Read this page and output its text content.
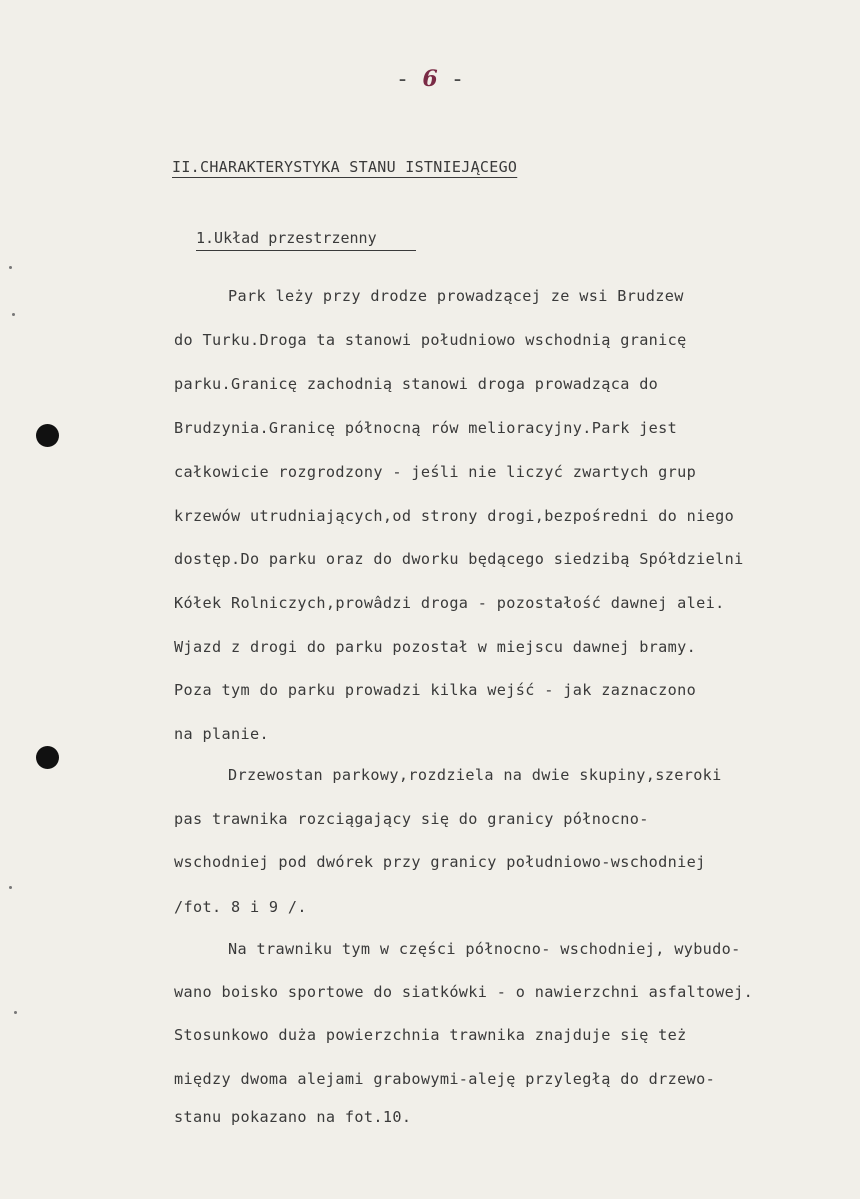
- 6 -
II.CHARAKTERYSTYKA STANU ISTNIEJĄCEGO
1.Układ przestrzenny
Park leży przy drodze prowadzącej ze wsi Brudzew
do Turku.Droga ta stanowi południowo wschodnią granicę
parku.Granicę zachodnią stanowi droga prowadząca do
Brudzynia.Granicę północną rów melioracyjny.Park jest
całkowicie rozgrodzony - jeśli nie liczyć zwartych grup
krzewów utrudniających,od strony drogi,bezpośredni do niego
dostęp.Do parku oraz do dworku będącego siedzibą Spółdzielni
Kółek Rolniczych,prowâdzi droga - pozostałość dawnej alei.
Wjazd z drogi do parku pozostał w miejscu dawnej bramy.
Poza tym do parku prowadzi kilka wejść - jak zaznaczono
na planie.
Drzewostan parkowy,rozdziela na dwie skupiny,szeroki
pas trawnika rozciągający się do granicy północno-
wschodniej pod dwórek przy granicy południowo-wschodniej
/fot. 8 i 9 /.
Na trawniku tym w części północno- wschodniej, wybudo-
wano boisko sportowe do siatkówki - o nawierzchni asfaltowej.
Stosunkowo duża powierzchnia trawnika znajduje się też
między dwoma alejami grabowymi-aleję przyległą do drzewo-
stanu pokazano na fot.10.
